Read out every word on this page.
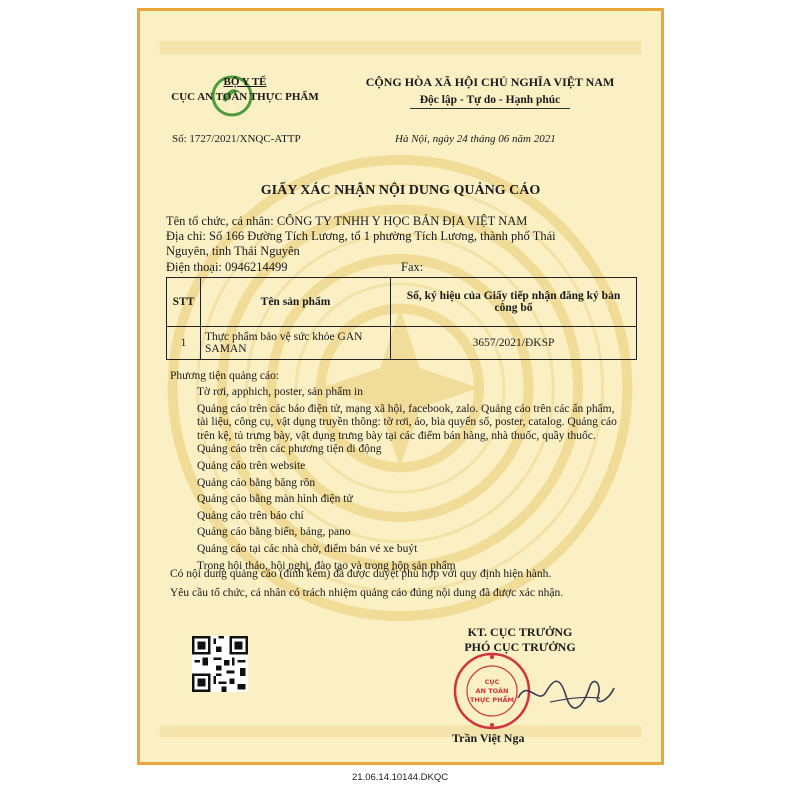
BỘ Y TẾ
CỤC AN TOÀN THỰC PHẨM
CỘNG HÒA XÃ HỘI CHỦ NGHĨA VIỆT NAM
Độc lập - Tự do - Hạnh phúc
Số: 1727/2021/XNQC-ATTP	Hà Nội, ngày 24 tháng 06 năm 2021
GIẤY XÁC NHẬN NỘI DUNG QUẢNG CÁO
Tên tổ chức, cá nhân: CÔNG TY TNHH Y HỌC BẢN ĐỊA VIỆT NAM
Địa chỉ: Số 166 Đường Tích Lương, tổ 1 phường Tích Lương, thành phố Thái
Nguyên, tỉnh Thái Nguyên
Điện thoại: 0946214499	Fax:
STT	Tên sản phẩm	Số, ký hiệu của Giấy tiếp nhận đăng ký bản công bố
1	Thực phẩm bảo vệ sức khỏe GAN SAMAN	3657/2021/ĐKSP
Phương tiện quảng cáo:
Tờ rơi, apphich, poster, sản phẩm in
Quảng cáo trên các báo điện tử, mạng xã hội, facebook, zalo. Quảng cáo trên các ấn phẩm, tài liệu, công cụ, vật dụng truyền thông: tờ rơi, áo, bìa quyển sổ, poster, catalog. Quảng cáo trên kệ, tủ trưng bày, vật dụng trưng bày tại các điểm bán hàng, nhà thuốc, quầy thuốc. Quảng cáo trên các phương tiện di động
Quảng cáo trên website
Quảng cáo bằng băng rôn
Quảng cáo bằng màn hình điện tử
Quảng cáo trên báo chí
Quảng cáo bằng biển, bảng, pano
Quảng cáo tại các nhà chờ, điểm bán vé xe buýt
Trong hội thảo, hội nghị, đào tạo và trong hộp sản phẩm
Có nội dung quảng cáo (đính kèm) đã được duyệt phù hợp với quy định hiện hành.
Yêu cầu tổ chức, cá nhân có trách nhiệm quảng cáo đúng nội dung đã được xác nhận.
KT. CỤC TRƯỞNG
PHÓ CỤC TRƯỞNG
CỤC
AN TOÀN
THỰC PHẨM
Trần Việt Nga
21.06.14.10144.DKQC
